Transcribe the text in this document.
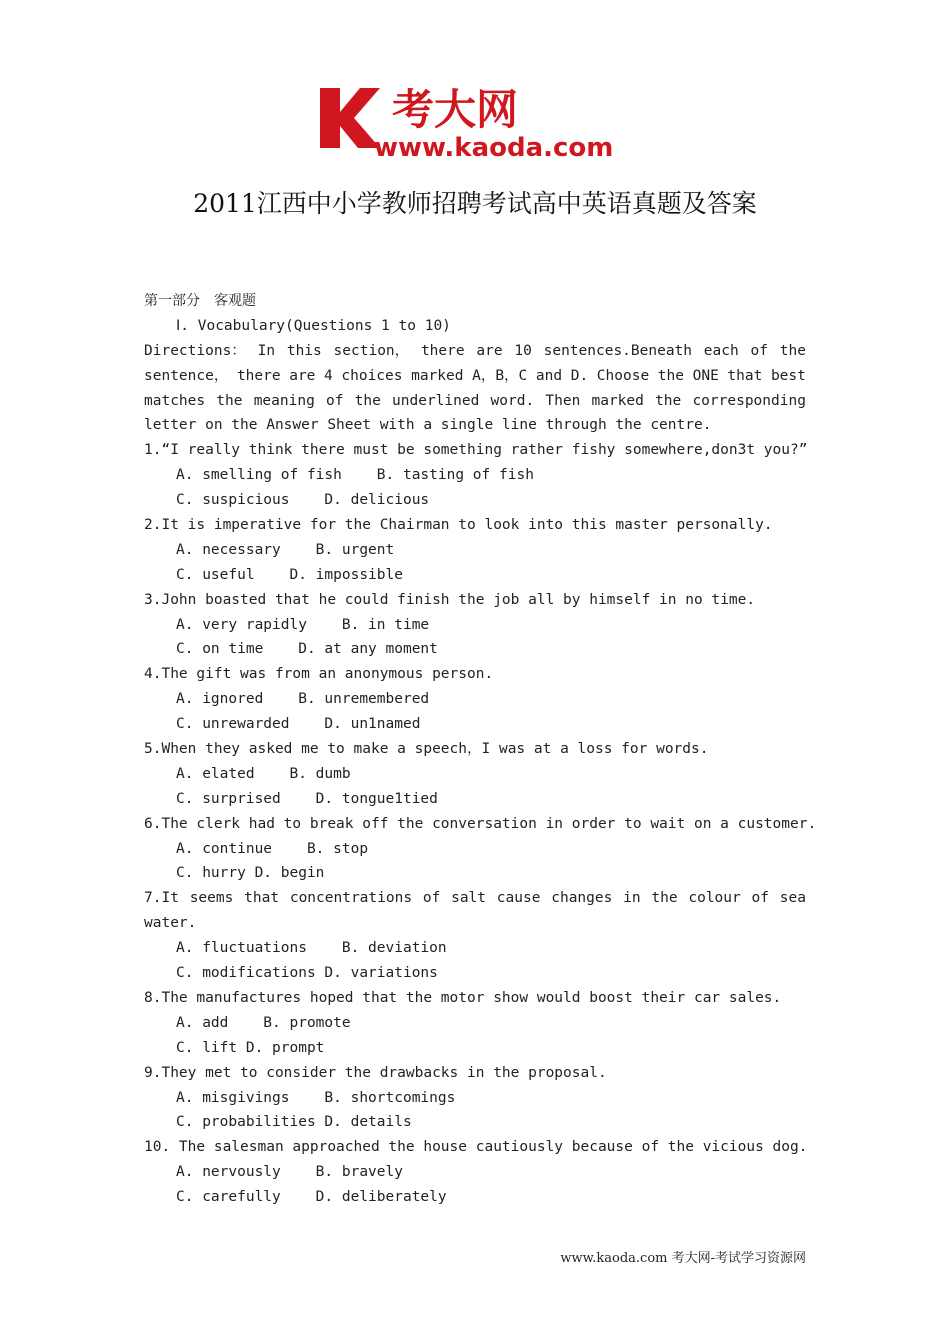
考大网
www.kaoda.com
2011江西中小学教师招聘考试高中英语真题及答案
第一部分　客观题
Ⅰ. Vocabulary(Questions 1 to 10)
Directions： In this section， there are 10 sentences.Beneath each of the
sentence， there are 4 choices marked A，B，C and D. Choose the ONE that best
matches the meaning of the underlined word. Then marked the corresponding
letter on the Answer Sheet with a single line through the centre.
1.“I really think there must be something rather fishy somewhere,don3t you?”
A. smelling of fish    B. tasting of fish
C. suspicious    D. delicious
2.It is imperative for the Chairman to look into this master personally.
A. necessary    B. urgent
C. useful    D. impossible
3.John boasted that he could finish the job all by himself in no time.
A. very rapidly    B. in time
C. on time    D. at any moment
4.The gift was from an anonymous person.
A. ignored    B. unremembered
C. unrewarded    D. un1named
5.When they asked me to make a speech，I was at a loss for words.
A. elated    B. dumb
C. surprised    D. tongue1tied
6.The clerk had to break off the conversation in order to wait on a customer.
A. continue    B. stop
C. hurry D. begin
7.It seems that concentrations of salt cause changes in the colour of sea
water.
A. fluctuations    B. deviation
C. modifications D. variations
8.The manufactures hoped that the motor show would boost their car sales.
A. add    B. promote
C. lift D. prompt
9.They met to consider the drawbacks in the proposal.
A. misgivings    B. shortcomings
C. probabilities D. details
10. The salesman approached the house cautiously because of the vicious dog.
A. nervously    B. bravely
C. carefully    D. deliberately
www.kaoda.com 考大网-考试学习资源网
